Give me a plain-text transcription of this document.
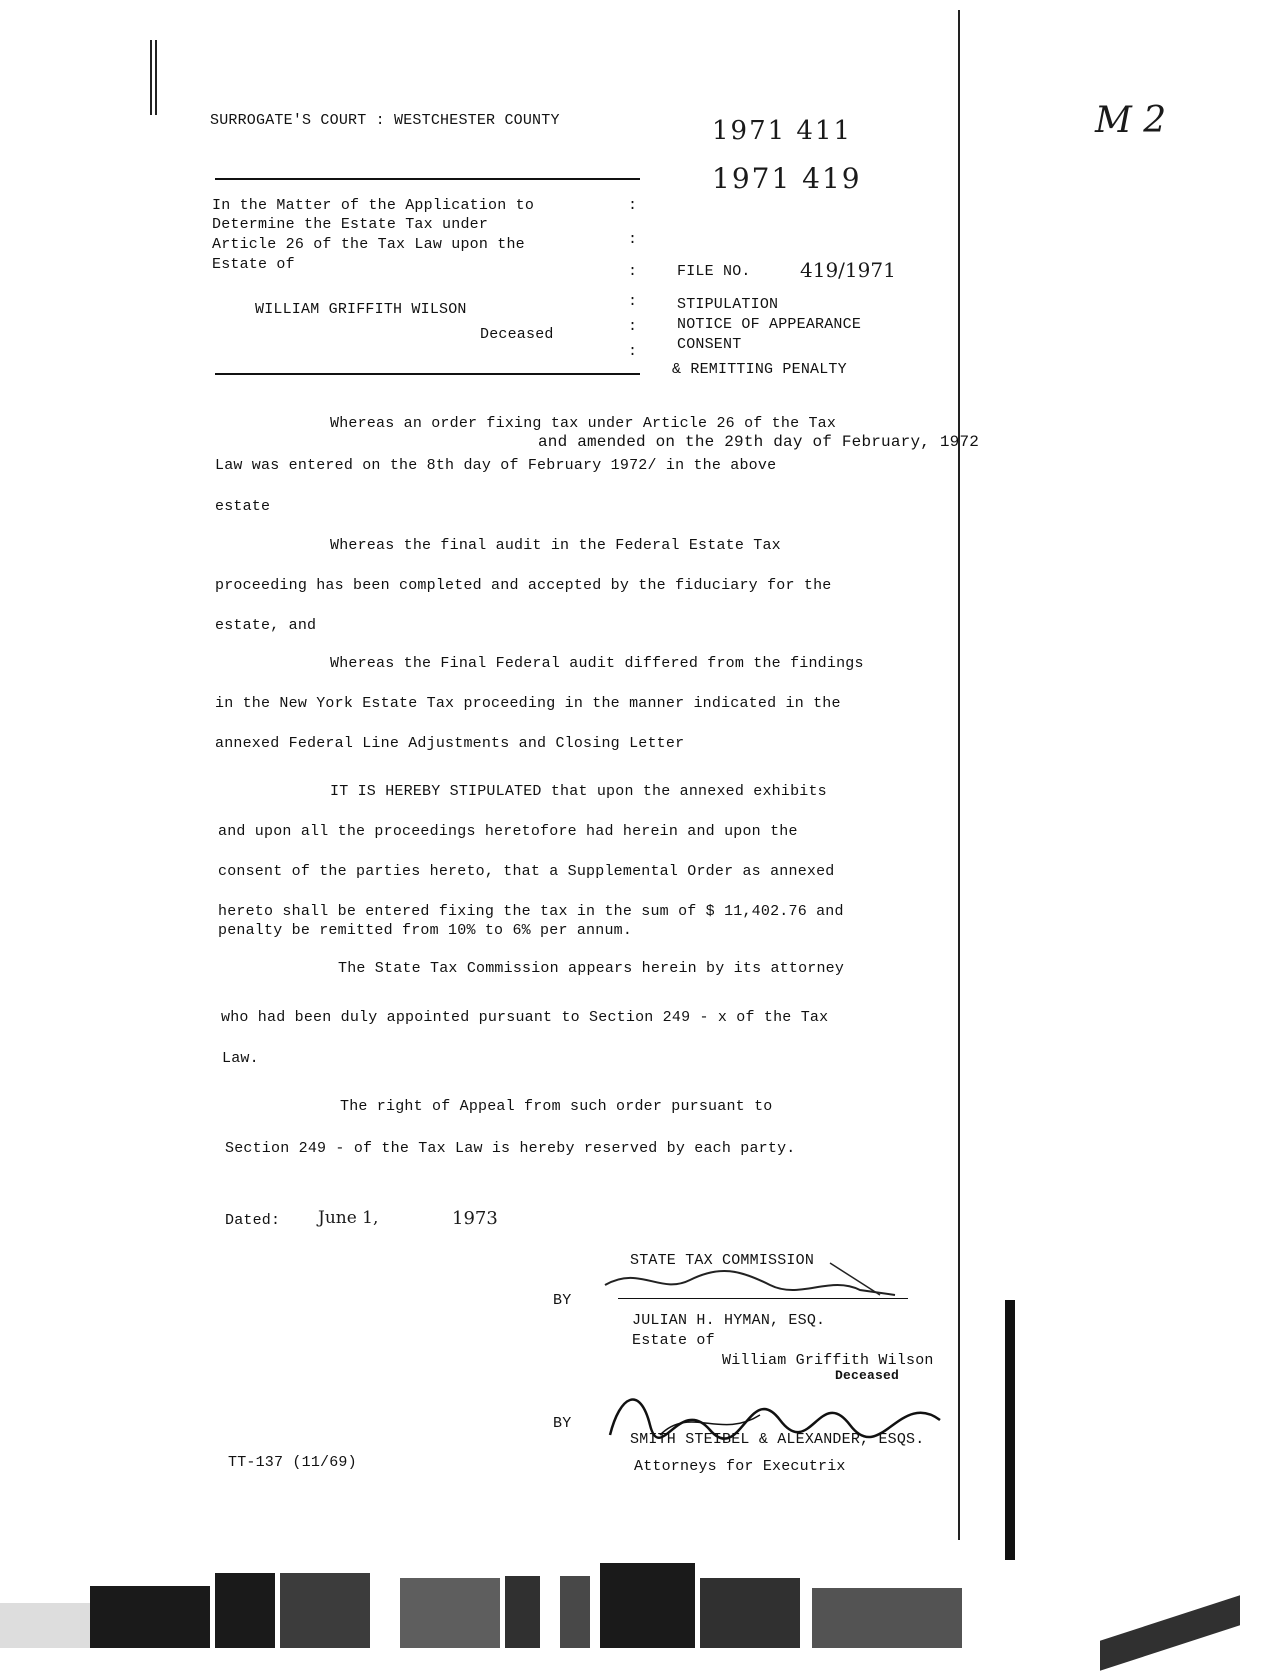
M 2
SURROGATE'S COURT : WESTCHESTER COUNTY	1971 411
1971 419
In the Matter of the Application to
Determine the Estate Tax under
Article 26 of the Tax Law upon the
Estate of
WILLIAM GRIFFITH WILSON
Deceased
:
:
:
:
:
:
FILE NO. 419/1971
STIPULATION
NOTICE OF APPEARANCE
CONSENT
& REMITTING PENALTY
Whereas an order fixing tax under Article 26 of the Tax
and amended on the 29th day of February, 1972
Law was entered on the 8th day of February 1972/ in the above
estate
Whereas the final audit in the Federal Estate Tax
proceeding has been completed and accepted by the fiduciary for the
estate, and
Whereas the Final Federal audit differed from the findings
in the New York Estate Tax proceeding in the manner indicated in the
annexed Federal Line Adjustments and Closing Letter
IT IS HEREBY STIPULATED that upon the annexed exhibits
and upon all the proceedings heretofore had herein and upon the
consent of the parties hereto, that a Supplemental Order as annexed
hereto shall be entered fixing the tax in the sum of $ 11,402.76 and
penalty be remitted from 10% to 6% per annum.
The State Tax Commission appears herein by its attorney
who had been duly appointed pursuant to Section 249 - x of the Tax
Law.
The right of Appeal from such order pursuant to
Section 249 - of the Tax Law is hereby reserved by each party.
Dated: June 1,	1973
STATE TAX COMMISSION
BY
JULIAN H. HYMAN, ESQ.
Estate of
William Griffith Wilson
Deceased
BY
SMITH STEIBEL & ALEXANDER, ESQS.
Attorneys for Executrix
TT-137 (11/69)
